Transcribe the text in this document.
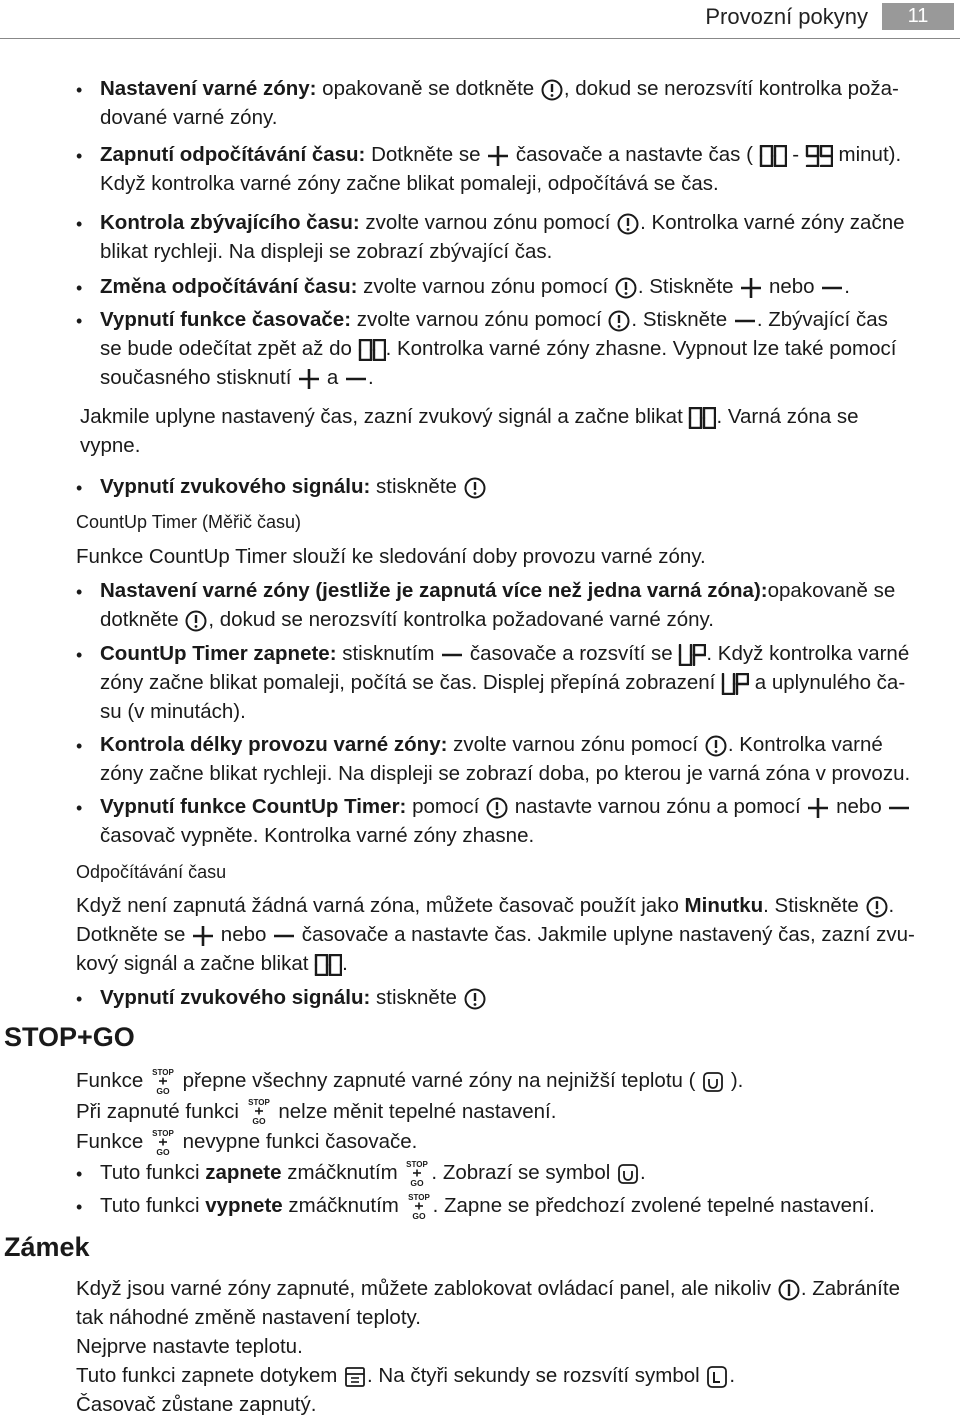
Provozní pokyny	11
• Nastavení varné zóny: opakovaně se dotkněte , dokud se nerozsvítí kontrolka poža-
dované varné zóny.
• Zapnutí odpočítávání času: Dotkněte se  časovače a nastavte čas (  -  minut).
Když kontrolka varné zóny začne blikat pomaleji, odpočítává se čas.
• Kontrola zbývajícího času: zvolte varnou zónu pomocí . Kontrolka varné zóny začne
blikat rychleji. Na displeji se zobrazí zbývající čas.
• Změna odpočítávání času: zvolte varnou zónu pomocí . Stiskněte  nebo .
• Vypnutí funkce časovače: zvolte varnou zónu pomocí . Stiskněte . Zbývající čas
se bude odečítat zpět až do . Kontrolka varné zóny zhasne. Vypnout lze také pomocí
současného stisknutí  a .
Jakmile uplyne nastavený čas, zazní zvukový signál a začne blikat . Varná zóna se
vypne.
• Vypnutí zvukového signálu: stiskněte
CountUp Timer (Měřič času)
Funkce CountUp Timer slouží ke sledování doby provozu varné zóny.
• Nastavení varné zóny (jestliže je zapnutá více než jedna varná zóna):opakovaně se
dotkněte , dokud se nerozsvítí kontrolka požadované varné zóny.
• CountUp Timer zapnete: stisknutím  časovače a rozsvítí se . Když kontrolka varné
zóny začne blikat pomaleji, počítá se čas. Displej přepíná zobrazení  a uplynulého ča-
su (v minutách).
• Kontrola délky provozu varné zóny: zvolte varnou zónu pomocí . Kontrolka varné
zóny začne blikat rychleji. Na displeji se zobrazí doba, po kterou je varná zóna v provozu.
• Vypnutí funkce CountUp Timer: pomocí  nastavte varnou zónu a pomocí  nebo
časovač vypněte. Kontrolka varné zóny zhasne.
Odpočítávání času
Když není zapnutá žádná varná zóna, můžete časovač použít jako Minutku. Stiskněte .
Dotkněte se  nebo  časovače a nastavte čas. Jakmile uplyne nastavený čas, zazní zvu-
kový signál a začne blikat .
• Vypnutí zvukového signálu: stiskněte
STOP+GO
Funkce STOP
GO přepne všechny zapnuté varné zóny na nejnižší teplotu (  ).
Při zapnuté funkci STOP
GO nelze měnit tepelné nastavení.
Funkce STOP
GO nevypne funkci časovače.
• Tuto funkci zapnete zmáčknutím STOP
GO . Zobrazí se symbol .
• Tuto funkci vypnete zmáčknutím STOP
GO . Zapne se předchozí zvolené tepelné nastavení.
Zámek
Když jsou varné zóny zapnuté, můžete zablokovat ovládací panel, ale nikoliv . Zabráníte
tak náhodné změně nastavení teploty.
Nejprve nastavte teplotu.
Tuto funkci zapnete dotykem . Na čtyři sekundy se rozsvítí symbol .
Časovač zůstane zapnutý.
